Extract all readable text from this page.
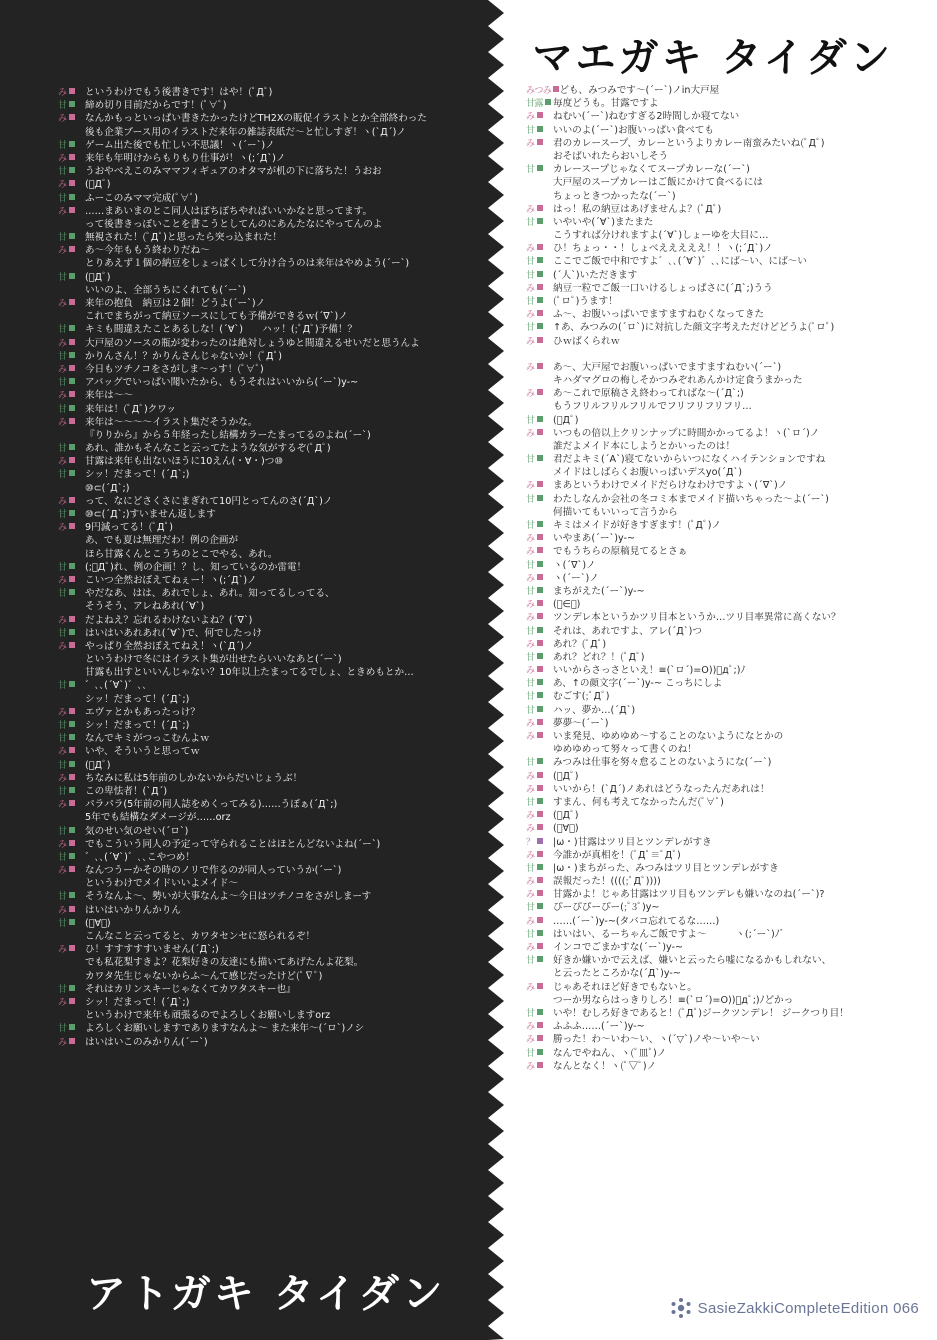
マエガキ タイダン
み というわけでもう後書きです！はや！(ﾟДﾟ)
甘 締め切り目前だからです！(ﾟ∀ﾟ)
み なんかもっといっぱい書きたかったけどTH2Xの販促イラストとか全部終わった
後も企業ブース用のイラストだ来年の雑誌表紙だ～と忙しすぎ！ヽ(`Д´)ノ
甘 ゲーム出た後でも忙しい不思議！ヽ(´ー`)ノ
み 来年も年明けからもりもり仕事が！ヽ(;´Д`)ノ
甘 うおやべえこのみママフィギュアのオタマが机の下に落ちた！うおお
み (ﾟДﾟ)
甘 ふーこのみママ完成(ﾟ∀ﾟ)
み ……まあいまのとこ同人はぽちぽちやればいいかなと思ってます。
って後書きっぽいことを書こうとしてんのにあんたなにやってんのよ
甘 無視された！(ﾟДﾟ)と思ったら突っ込まれた！
み あ～今年ももう終わりだね～
とりあえず１個の納豆をしょっぱくして分け合うのは来年はやめよう(´ー`)
甘 (ﾟДﾟ)
いいのよ、全部うちにくれても(´ー`)
み 来年の抱負　納豆は２個！どうよ(´ー`)ノ
これでまちがって納豆ソースにしても予備ができるｗ(´∇`)ノ
甘 キミも間違えたことあるしな！(´∀`)　　ハッ！(;ﾟДﾟ)予備！？
み 大戸屋のソースの瓶が変わったのは絶対しょうゆと間違えるせいだと思うんよ
甘 かりんさん！？かりんさんじゃないか！(ﾟДﾟ)
み 今日もツチノコをさがしま～っす！(ﾟ∀ﾟ)
甘 アバッグでいっぱい聞いたから、もうそれはいいから(´ー`)y-~
み 来年は～～
甘 来年は！(ﾟДﾟ)クワッ
み 来年は～～～～イラスト集だそうかな。
『りりから』から５年経ったし結構カラーたまってるのよね(´ー`)
甘 あれ、誰かもそんなこと云ってたような気がするぞ(ﾟДﾟ)
み 甘露は来年も出ないほうに10えん(・∀・)つ⑩
甘 シッ！だまって！(´Д`;)
⑩⊂(´Д`;)
み って、なにどさくさにまぎれて10円とってんのさ(´Д`)ノ
甘 ⑩⊂(´Д`;)すいません返します
み 9円減ってる！(ﾟДﾟ)
あ、でも夏は無理だわ！例の企画が
ほら甘露くんとこうちのとこでやる、あれ。
甘 (;ﾟДﾟ)れ、例の企画！？し、知っているのか雷電！
み こいつ全然おぼえてねぇー！ヽ(;´Д`)ノ
甘 やだなあ、はは、あれでしょ、あれ。知ってるしってる、
そうそう、アレねあれ(´∀`)
み だよねえ？忘れるわけないよね？(´∇`)
甘 はいはいあれあれ(´∀`)で、何でしたっけ
み やっぱり全然おぼえてねえ！ヽ(`Д´)ノ
というわけで冬にはイラスト集が出せたらいいなあと(´ー`)
甘露も出すといいんじゃない？10年以上たまってるでしょ、ときめもとか…
甘 ゛､､(´∀`)゛､､
シッ！だまって！(´Д`;)
み エヴァとかもあったっけ？
甘 シッ！だまって！(´Д`;)
甘 なんでキミがつっこむんよｗ
み いや、そういうと思ってｗ
甘 (ﾟДﾟ)
み ちなみに私は5年前のしかないからだいじょうぶ！
甘 この卑怯者！(`Д´)
み パラパラ(5年前の同人誌をめくってみる)……うぼぁ(´Д`;)
5年でも結構なダメージが……orz
甘 気のせい気のせい(´ロ`)
み でもこういう同人の予定って守られることはほとんどないよね(´ー`)
甘 ゛､､(´∀`)゛､､こやつめ！
み なんつうーかその時のノリで作るのが同人っていうか(´ー`)
というわけでメイドいいよメイド～
甘 そうなんよ～、勢いが大事なんよ～今日はツチノコをさがしまーす
み はいはいかりんかりん
甘 (ﾟ∀ﾟ)
こんなこと云ってると、カワタセンセに怒られるぞ！
み ひ！すすすすすいません(´Д`;)
でも私花梨すきよ？花梨好きの友達にも描いてあげたんよ花梨。
カワタ先生じゃないからふ～んて感じだったけど(ﾟ∇ﾟ)
甘 それはカリンスキーじゃなくてカワタスキー也』
み シッ！だまって！(´Д`;)
というわけで来年も頑張るのでよろしくお願いしますorz
甘 よろしくお願いしますでありますなんよ～ また来年～(´ロ`)ノシ
み はいはいこのみかりん(´ー`)
みつみ ども、みつみです～(´ー`)ノin大戸屋
甘露 毎度どうも。甘露ですよ
み ねむい(´ー`)ねむすぎる2時間しか寝てない
甘 いいのよ(´ー`)お腹いっぱい食べても
み 君のカレースープ、カレーというよりカレー南蛮みたいね(ﾟДﾟ)
おそばいれたらおいしそう
甘 カレースープじゃなくてスープカレーな(´ー`)
大戸屋のスープカレーはご飯にかけて食べるには
ちょっときつかったな(´ー`)
み はっ！私の納豆はあげませんよ？(ﾟДﾟ)
甘 いやいや(´∀`)またまた
こうすれば分けれますよ(´∀`)しょーゆを大目に…
み ひ！ちょっ・・！しょべえええええ！！ヽ(;´Д`)ノ
甘 ここでご飯で中和ですよ゛､､(´∀`)゛､､にば～い、にば～い
甘 (´人`)いただきます
み 納豆一粒でご飯一口いけるしょっぱさに(´Д`;)うう
甘 (ﾟロﾟ)うます！
み ふ～、お腹いっぱいでますますねむくなってきた
甘 ↑あ、みつみの(´ロ`)に対抗した顔文字考えただけどどうよ(ﾟロﾟ)
み ひｗばくられｗ
み あ～、大戸屋でお腹いっぱいでますますねむい(´ー`)
キハダマグロの梅しそかつみぞれあんかけ定食うまかった
み あ～これで原稿さえ終わってればな～(´Д`;)
もうフリルフリルフリルでフリフリフリフリ…
甘 (ﾟДﾟ)
み いつもの倍以上クリンナップに時間かかってるよ！ヽ(`ロ´)ノ
誰だよメイド本にしようとかいったのは！
甘 君だよキミ(´A`)寝てないからいつになくハイテンションですね
メイドはしばらくお腹いっぱいデスyo(´Д`)
み まあというわけでメイドだらけなわけですよヽ(´∇`)ノ
甘 わたしなんか会社の冬コミ本までメイド描いちゃった～よ(´ー`)
何描いてもいいって言うから
甘 キミはメイドが好きすぎます！(ﾟДﾟ)ノ
み いやまあ(´ー`)y-~
み でもうちらの原稿見てるとさぁ
甘 ヽ(´∇`)ノ
み ヽ(´ー`)ノ
甘 まちがえた(´ー`)y-~
み (ﾟ∈ﾟ)
み ツンデレ本というかツリ目本というか…ツリ目率異常に高くない？
甘 それは、あれですよ、アレ(´Д`)つ
み あれ？(ﾟДﾟ)
甘 あれ？どれ？！(ﾟДﾟ)
み いいからさっさといえ！≡(`ロ´)=O))ﾟдﾟ;)ﾉ
甘 あ、↑の顔文字(´ー`)y-~ こっちにしよ
甘 むごす(;ﾟДﾟ)
甘 ハッ、夢か…(´Д`)
み 夢夢～(´ー`)
み いま発見、ゆめゆめ～することのないようになとかの
ゆめゆめって努々って書くのね！
甘 みつみは仕事を努々怠ることのないようにな(´ー`)
み (ﾟДﾟ)
み いいから！(`Д´)ノあれはどうなったんだあれは！
甘 すまん、何も考えてなかったんだ(ﾟ∀ﾟ)
み (ﾟДﾟ)
み (ﾟ∀ﾟ)
？ |ω・)甘露はツリ目とツンデレがすき
み 今誰かが真相を！(ﾟДﾟ≡ﾟДﾟ)
甘 |ω・)まちがった、みつみはツリ目とツンデレがすき
み 誤報だった！((((;ﾟДﾟ))))
み 甘露かよ！じゃあ甘露はツリ目もツンデレも嫌いなのね(´ー`)?
甘 ぴーぴぴーぴー(;ﾟ3ﾟ)y~
み ……(´ー`)y-~(タバコ忘れてるな……)
甘 はいはい、るーちゃんご飯ですよ～　　　ヽ(;´ー`)ﾉﾞ
み インコでごまかすな(´ー`)y-~
甘 好きか嫌いかで云えば、嫌いと云ったら嘘になるかもしれない、
と云ったところかな(´Д`)y-~
み じゃあそれほど好きでもないと。
つーか男ならはっきりしろ！≡(`ロ´)=O))ﾟдﾟ;)ﾉどかっ
甘 いや！むしろ好きであると！(ﾟДﾟ)ジークツンデレ！ ジークつり目！
み ふふふ……(´ー`)y-~
み 勝った！わ～いわ～い、ヽ(´▽`)ノや～いや～い
甘 なんでやねん、ヽ(ﾟ皿ﾟ)ノ
み なんとなく！ヽ(ﾟ▽ﾟ)ノ
アトガキ タイダン	SasieZakkiCompleteEdition 066
